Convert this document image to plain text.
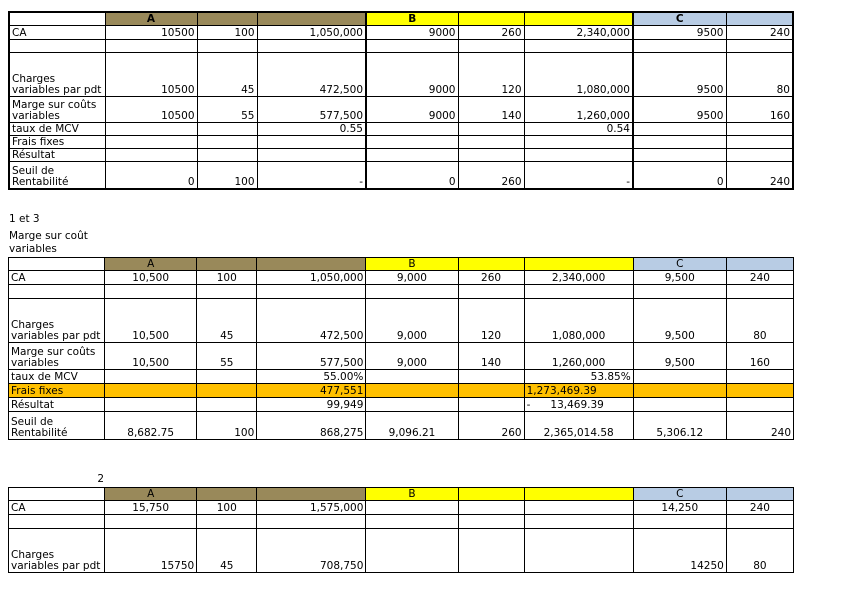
	A			B			C	
CA	10500	100	1,050,000	9000	260	2,340,000	9500	240

Charges variables par pdt	10500	45	472,500	9000	120	1,080,000	9500	80
Marge sur coûts variables	10500	55	577,500	9000	140	1,260,000	9500	160
taux de MCV			0.55			0.54		
Frais fixes								
Résultat								
Seuil de Rentabilité	0	100	-	0	260	-	0	240
1 et 3
Marge sur coût
variables
	A			B			C	
CA	10,500	100	1,050,000	9,000	260	2,340,000	9,500	240

Charges variables par pdt	10,500	45	472,500	9,000	120	1,080,000	9,500	80
Marge sur coûts variables	10,500	55	577,500	9,000	140	1,260,000	9,500	160
taux de MCV			55.00%			53.85%		
Frais fixes			477,551			1,273,469.39		
Résultat			99,949			-      13,469.39		
Seuil de Rentabilité	8,682.75	100	868,275	9,096.21	260	2,365,014.58	5,306.12	240
2
	A			B			C	
CA	15,750	100	1,575,000				14,250	240

Charges variables par pdt	15750	45	708,750				14250	80
